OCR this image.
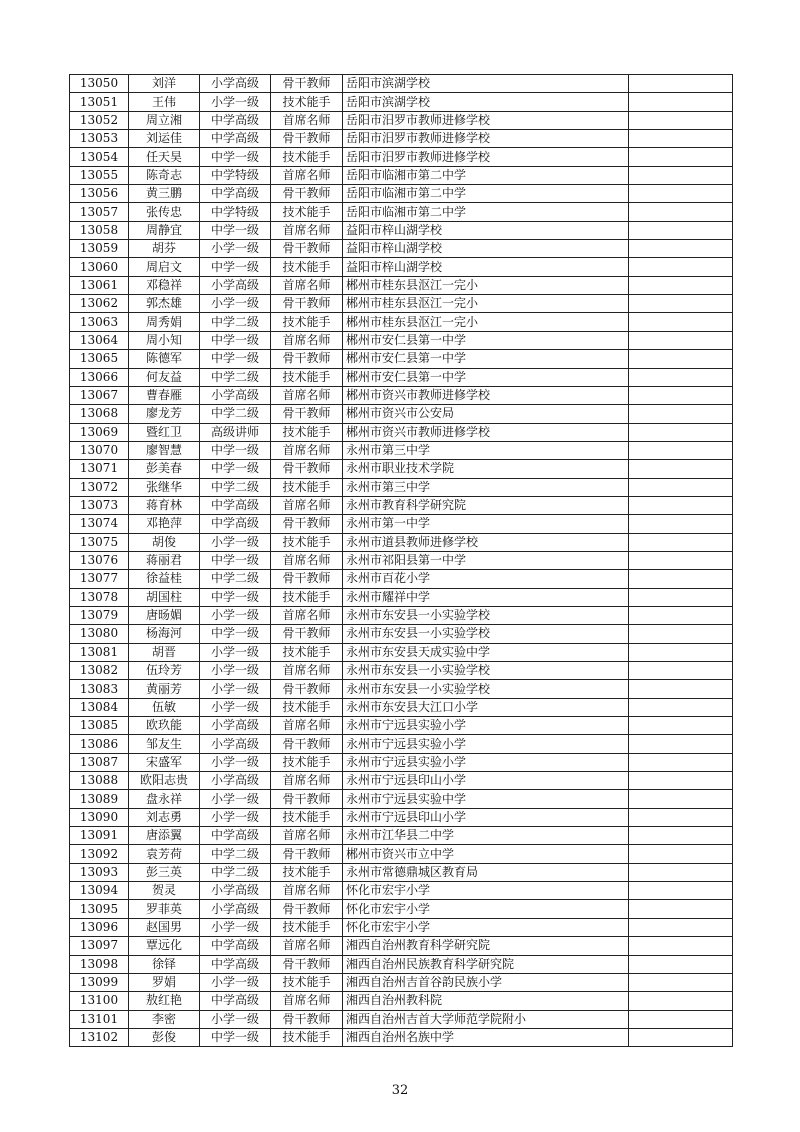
13050	刘洋	小学高级	骨干教师	岳阳市滨湖学校	
13051	王伟	小学一级	技术能手	岳阳市滨湖学校	
13052	周立湘	中学高级	首席名师	岳阳市汨罗市教师进修学校	
13053	刘运佳	中学高级	骨干教师	岳阳市汨罗市教师进修学校	
13054	任天昊	中学一级	技术能手	岳阳市汨罗市教师进修学校	
13055	陈奇志	中学特级	首席名师	岳阳市临湘市第二中学	
13056	黄三鹏	中学高级	骨干教师	岳阳市临湘市第二中学	
13057	张传忠	中学特级	技术能手	岳阳市临湘市第二中学	
13058	周静宜	中学一级	首席名师	益阳市梓山湖学校	
13059	胡芬	小学一级	骨干教师	益阳市梓山湖学校	
13060	周启文	中学一级	技术能手	益阳市梓山湖学校	
13061	邓稳祥	小学高级	首席名师	郴州市桂东县沤江一完小	
13062	郭杰雄	小学一级	骨干教师	郴州市桂东县沤江一完小	
13063	周秀娟	中学二级	技术能手	郴州市桂东县沤江一完小	
13064	周小知	中学一级	首席名师	郴州市安仁县第一中学	
13065	陈德军	中学一级	骨干教师	郴州市安仁县第一中学	
13066	何友益	中学二级	技术能手	郴州市安仁县第一中学	
13067	曹春雁	小学高级	首席名师	郴州市资兴市教师进修学校	
13068	廖龙芳	中学二级	骨干教师	郴州市资兴市公安局	
13069	暨红卫	高级讲师	技术能手	郴州市资兴市教师进修学校	
13070	廖智慧	中学一级	首席名师	永州市第三中学	
13071	彭美春	中学一级	骨干教师	永州市职业技术学院	
13072	张继华	中学二级	技术能手	永州市第三中学	
13073	蒋育林	中学高级	首席名师	永州市教育科学研究院	
13074	邓艳萍	中学高级	骨干教师	永州市第一中学	
13075	胡俊	小学一级	技术能手	永州市道县教师进修学校	
13076	蒋丽君	中学一级	首席名师	永州市祁阳县第一中学	
13077	徐益桂	中学二级	骨干教师	永州市百花小学	
13078	胡国柱	中学一级	技术能手	永州市耀祥中学	
13079	唐旸媚	小学一级	首席名师	永州市东安县一小实验学校	
13080	杨海河	中学一级	骨干教师	永州市东安县一小实验学校	
13081	胡晋	小学一级	技术能手	永州市东安县天成实验中学	
13082	伍玲芳	小学一级	首席名师	永州市东安县一小实验学校	
13083	黄丽芳	小学一级	骨干教师	永州市东安县一小实验学校	
13084	伍敏	小学一级	技术能手	永州市东安县大江口小学	
13085	欧玖能	小学高级	首席名师	永州市宁远县实验小学	
13086	邹友生	小学高级	骨干教师	永州市宁远县实验小学	
13087	宋盛军	小学一级	技术能手	永州市宁远县实验小学	
13088	欧阳志贵	小学高级	首席名师	永州市宁远县印山小学	
13089	盘永祥	小学一级	骨干教师	永州市宁远县实验中学	
13090	刘志勇	小学一级	技术能手	永州市宁远县印山小学	
13091	唐添翼	中学高级	首席名师	永州市江华县二中学	
13092	袁芳荷	中学二级	骨干教师	郴州市资兴市立中学	
13093	彭三英	中学二级	技术能手	永州市常德鼎城区教育局	
13094	贺灵	小学高级	首席名师	怀化市宏宇小学	
13095	罗菲英	小学高级	骨干教师	怀化市宏宇小学	
13096	赵国男	小学一级	技术能手	怀化市宏宇小学	
13097	覃远化	中学高级	首席名师	湘西自治州教育科学研究院	
13098	徐铎	中学高级	骨干教师	湘西自治州民族教育科学研究院	
13099	罗娟	小学一级	技术能手	湘西自治州吉首谷韵民族小学	
13100	敖红艳	中学高级	首席名师	湘西自治州教科院	
13101	李密	小学一级	骨干教师	湘西自治州吉首大学师范学院附小	
13102	彭俊	中学一级	技术能手	湘西自治州名族中学	
32
